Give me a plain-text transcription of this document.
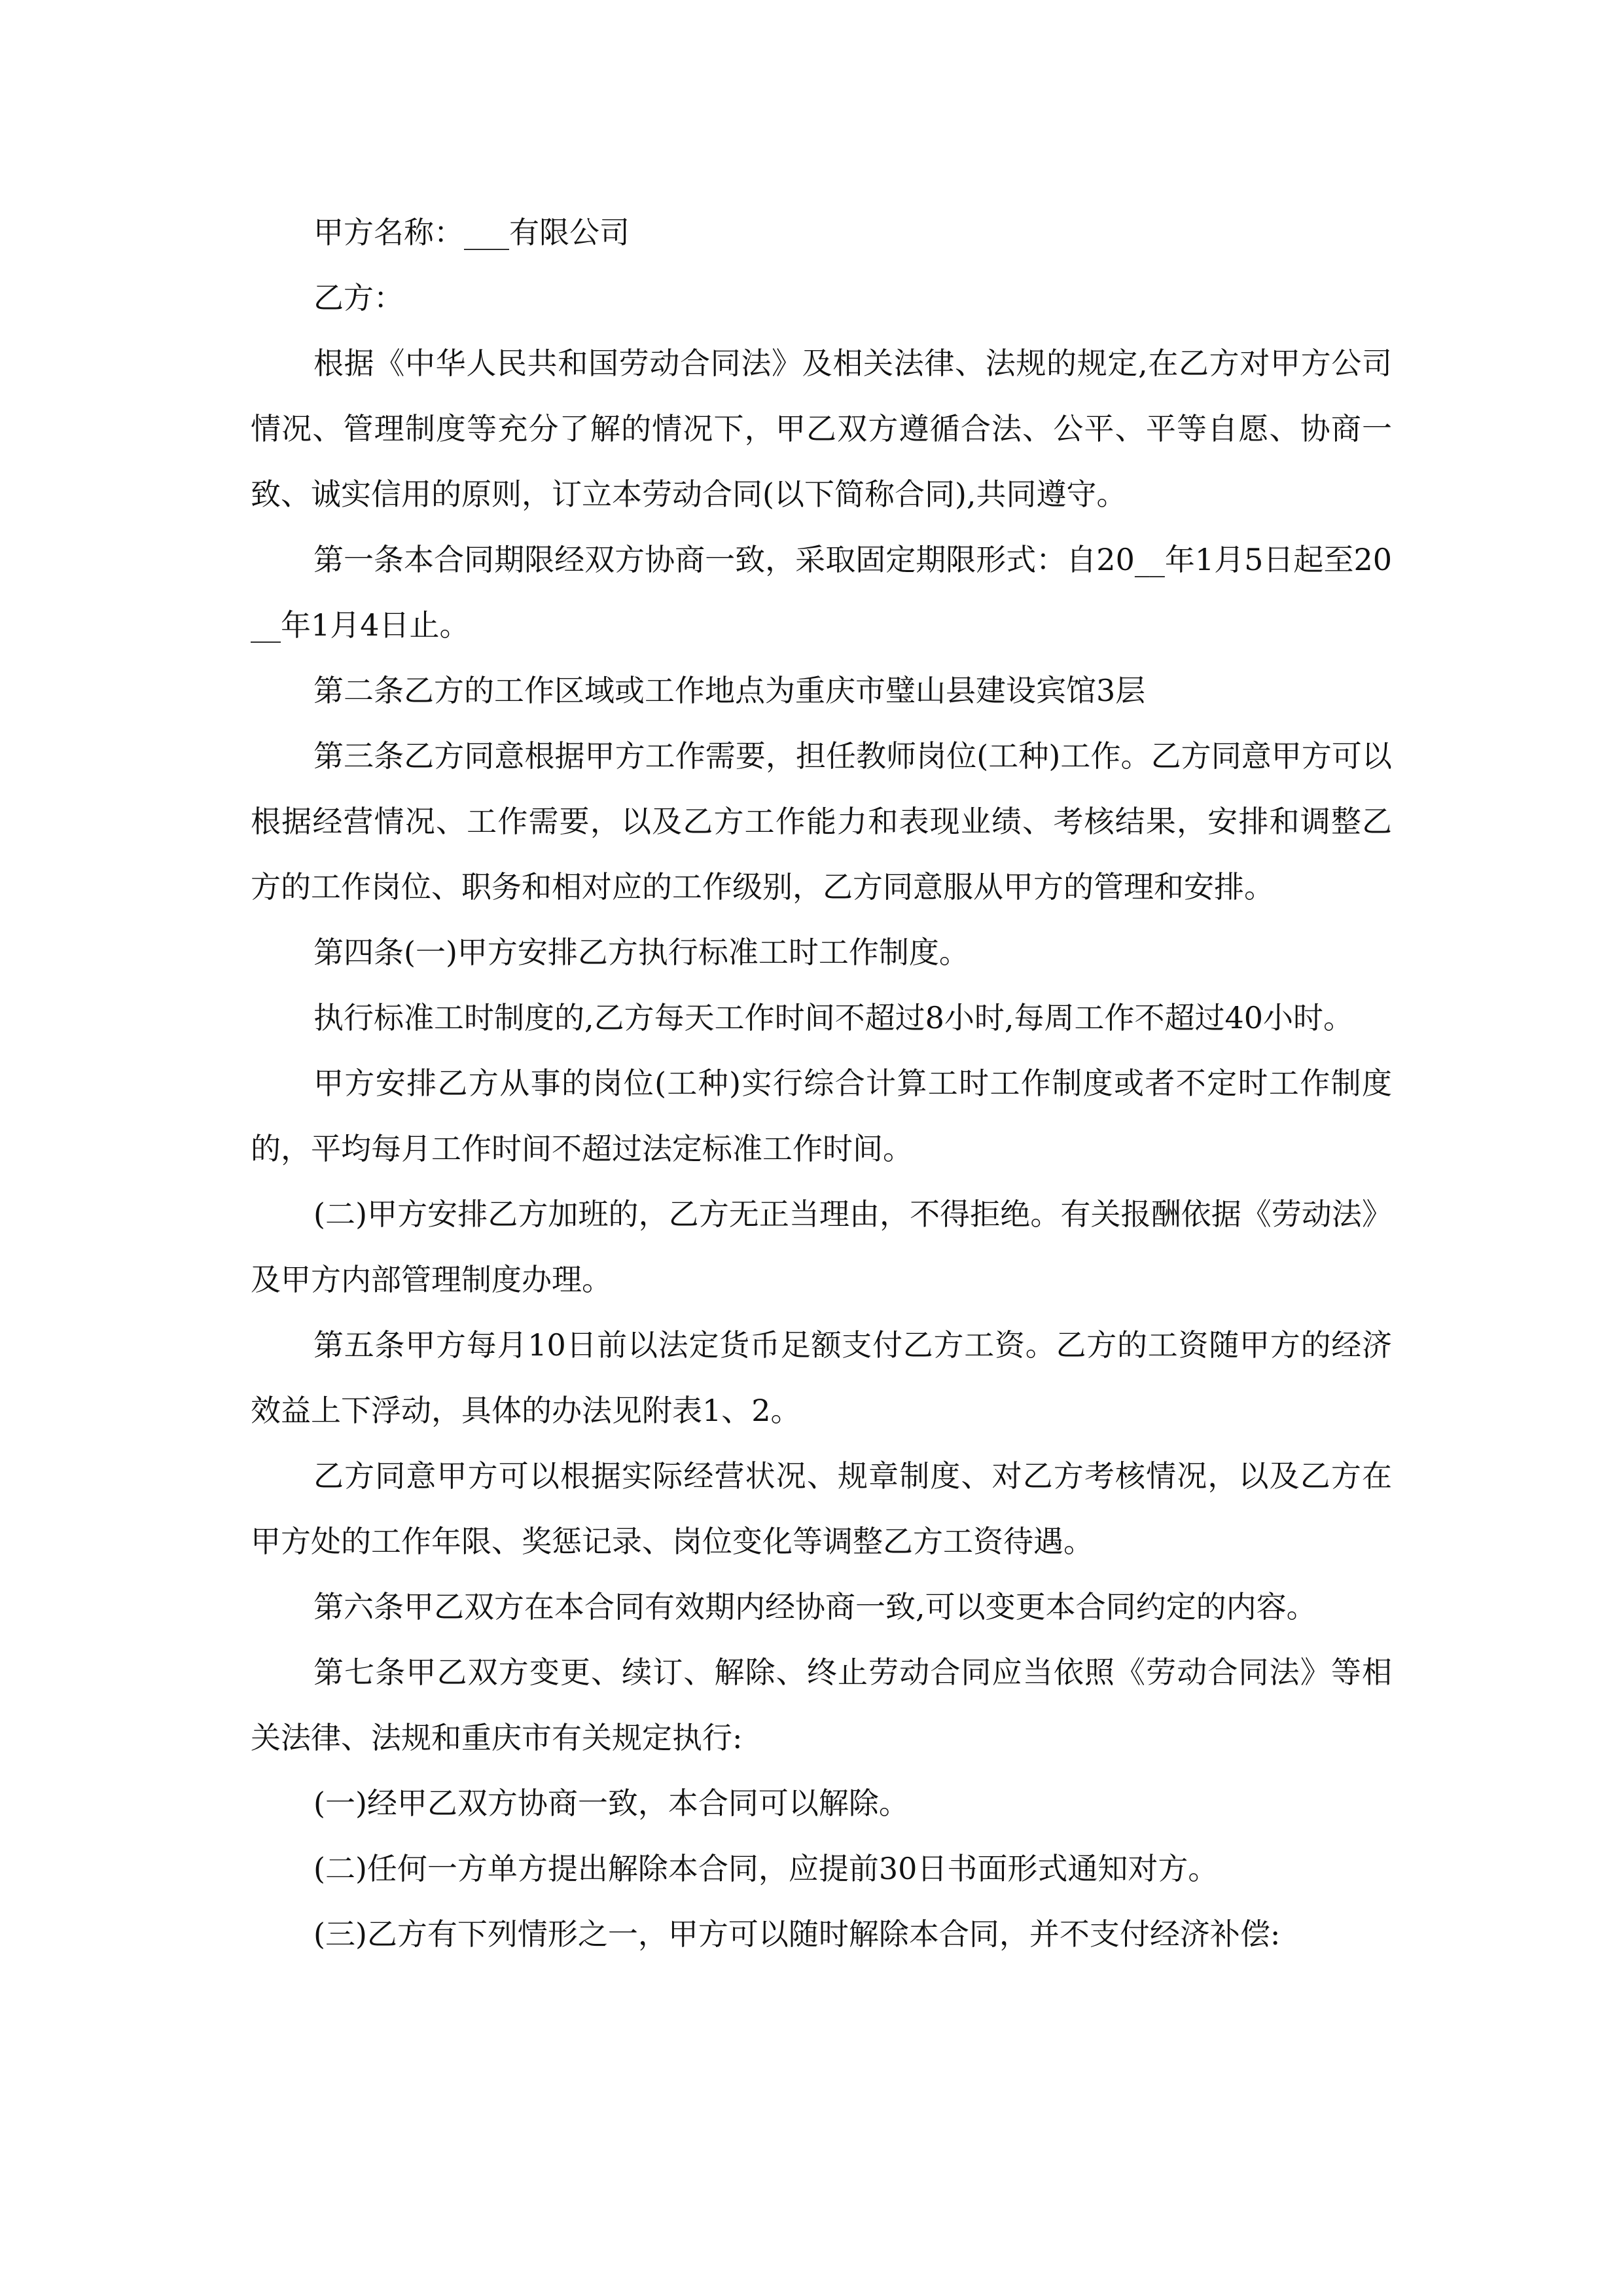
甲方名称：___有限公司

乙方：

根据《中华人民共和国劳动合同法》及相关法律、法规的规定,在乙方对甲方公司情况、管理制度等充分了解的情况下，甲乙双方遵循合法、公平、平等自愿、协商一致、诚实信用的原则，订立本劳动合同(以下简称合同),共同遵守。

第一条本合同期限经双方协商一致，采取固定期限形式：自20__年1月5日起至20__年1月4日止。

第二条乙方的工作区域或工作地点为重庆市璧山县建设宾馆3层

第三条乙方同意根据甲方工作需要，担任教师岗位(工种)工作。乙方同意甲方可以根据经营情况、工作需要，以及乙方工作能力和表现业绩、考核结果，安排和调整乙方的工作岗位、职务和相对应的工作级别，乙方同意服从甲方的管理和安排。

第四条(一)甲方安排乙方执行标准工时工作制度。

执行标准工时制度的,乙方每天工作时间不超过8小时,每周工作不超过40小时。

甲方安排乙方从事的岗位(工种)实行综合计算工时工作制度或者不定时工作制度的，平均每月工作时间不超过法定标准工作时间。

(二)甲方安排乙方加班的，乙方无正当理由，不得拒绝。有关报酬依据《劳动法》及甲方内部管理制度办理。

第五条甲方每月10日前以法定货币足额支付乙方工资。乙方的工资随甲方的经济效益上下浮动，具体的办法见附表1、2。

乙方同意甲方可以根据实际经营状况、规章制度、对乙方考核情况，以及乙方在甲方处的工作年限、奖惩记录、岗位变化等调整乙方工资待遇。

第六条甲乙双方在本合同有效期内经协商一致,可以变更本合同约定的内容。

第七条甲乙双方变更、续订、解除、终止劳动合同应当依照《劳动合同法》等相关法律、法规和重庆市有关规定执行:

(一)经甲乙双方协商一致，本合同可以解除。

(二)任何一方单方提出解除本合同，应提前30日书面形式通知对方。

(三)乙方有下列情形之一，甲方可以随时解除本合同，并不支付经济补偿:
